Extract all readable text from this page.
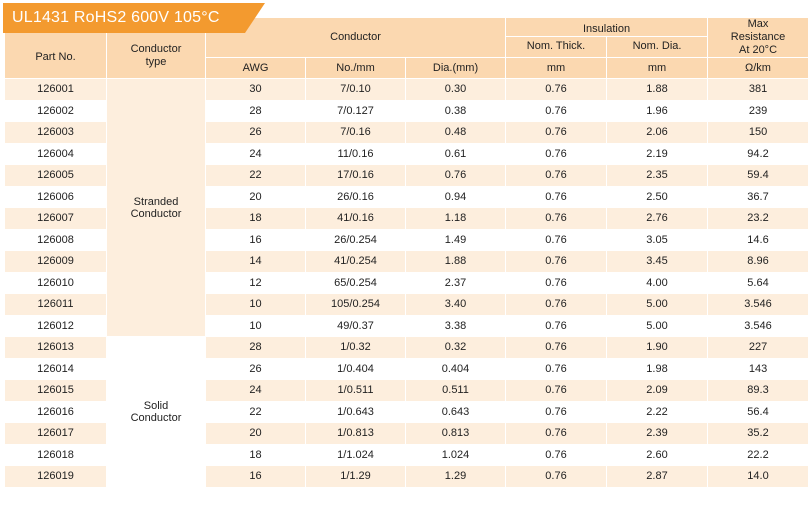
Part No.	Conductor type	Conductor			Insulation		Max Resistance At 20°C
					Nom. Thick.	Nom. Dia.	
		AWG	No./mm	Dia.(mm)	mm	mm	Ω/km
126001	Stranded Conductor	30	7/0.10	0.30	0.76	1.88	381
126002		28	7/0.127	0.38	0.76	1.96	239
126003		26	7/0.16	0.48	0.76	2.06	150
126004		24	11/0.16	0.61	0.76	2.19	94.2
126005		22	17/0.16	0.76	0.76	2.35	59.4
126006		20	26/0.16	0.94	0.76	2.50	36.7
126007		18	41/0.16	1.18	0.76	2.76	23.2
126008		16	26/0.254	1.49	0.76	3.05	14.6
126009		14	41/0.254	1.88	0.76	3.45	8.96
126010		12	65/0.254	2.37	0.76	4.00	5.64
126011		10	105/0.254	3.40	0.76	5.00	3.546
126012		10	49/0.37	3.38	0.76	5.00	3.546
126013	Solid Conductor	28	1/0.32	0.32	0.76	1.90	227
126014		26	1/0.404	0.404	0.76	1.98	143
126015		24	1/0.511	0.511	0.76	2.09	89.3
126016		22	1/0.643	0.643	0.76	2.22	56.4
126017		20	1/0.813	0.813	0.76	2.39	35.2
126018		18	1/1.024	1.024	0.76	2.60	22.2
126019		16	1/1.29	1.29	0.76	2.87	14.0
UL1431 RoHS2 600V 105°C
